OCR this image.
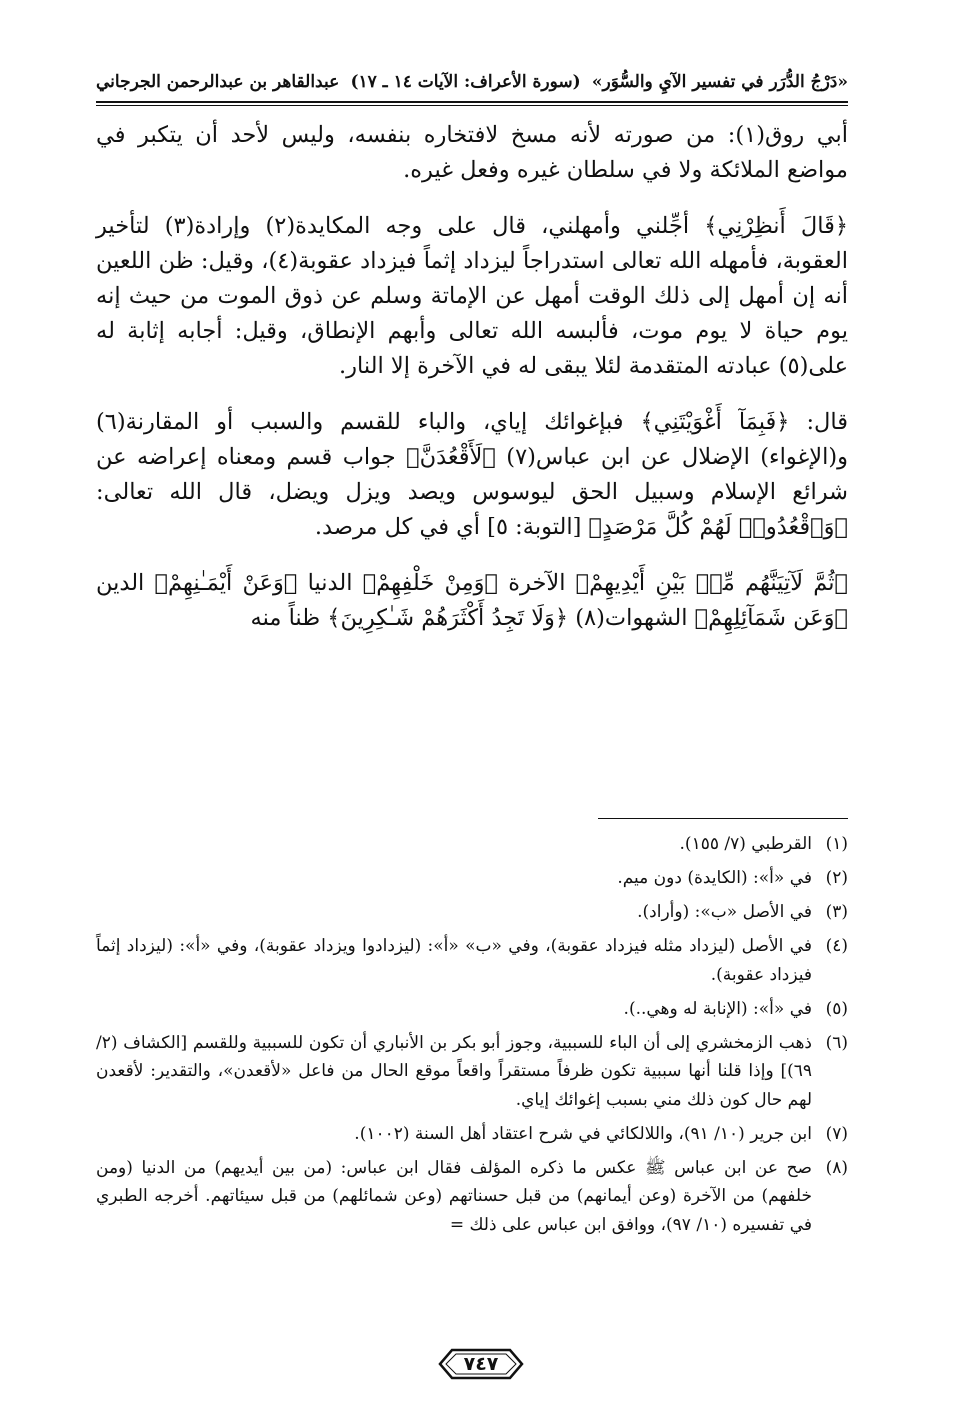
«دَرْجُ الدُّرَر في تفسير الآيِ والسُّوَر»
(سورة الأعراف: الآيات ١٤ ـ ١٧)
عبدالقاهر بن عبدالرحمن الجرجاني

أبي روق(١): من صورته لأنه مسخ لافتخاره بنفسه، وليس لأحد أن يتكبر في مواضع الملائكة ولا في سلطان غيره وفعل غيره.

﴿قَالَ أَنظِرْنِي﴾ أجِّلني وأمهلني، قال على وجه المكايدة(٢) وإرادة(٣) لتأخير العقوبة، فأمهله الله تعالى استدراجاً ليزداد إثماً فيزداد عقوبة(٤)، وقيل: ظن اللعين أنه إن أمهل إلى ذلك الوقت أمهل عن الإماتة وسلم عن ذوق الموت من حيث إنه يوم حياة لا يوم موت، فألبسه الله تعالى وأبهم الإنطاق، وقيل: أجابه إثابة له على(٥) عبادته المتقدمة لئلا يبقى له في الآخرة إلا النار.

قال: ﴿فَبِمَآ أَغْوَيْتَنِي﴾ فبإغوائك إياي، والباء للقسم والسبب أو المقارنة(٦) و(الإغواء) الإضلال عن ابن عباس(٧) ﴿لَأَقْعُدَنَّ﴾ جواب قسم ومعناه إعراضه عن شرائع الإسلام وسبيل الحق ليوسوس ويصد ويزل ويضل، قال الله تعالى: ﴿وَٱقْعُدُوا۟ لَهُمْ كُلَّ مَرْصَدٍ﴾ [التوبة: ٥] أي في كل مرصد.

﴿ثُمَّ لَآتِيَنَّهُم مِّنۢ بَيْنِ أَيْدِيهِمْ﴾ الآخرة ﴿وَمِنْ خَلْفِهِمْ﴾ الدنيا ﴿وَعَنْ أَيْمَـٰنِهِمْ﴾ الدين ﴿وَعَن شَمَآئِلِهِمْ﴾ الشهوات(٨) ﴿وَلَا تَجِدُ أَكْثَرَهُمْ شَـٰكِرِينَ﴾ ظناً منه

(١)
القرطبي (٧/ ١٥٥).
(٢)
في «أ»: (الكايدة) دون ميم.
(٣)
في الأصل «ب»: (وأراد).
(٤)
في الأصل (ليزداد مثله فيزداد عقوبة)، وفي «ب» «أ»: (ليزدادوا ويزداد عقوبة)، وفي «أ»: (ليزداد إثماً فيزداد عقوبة).
(٥)
في «أ»: (الإنابة له وهي..).
(٦)
ذهب الزمخشري إلى أن الباء للسببية، وجوز أبو بكر بن الأنباري أن تكون للسببية وللقسم [الكشاف (٢/ ٦٩)] وإذا قلنا أنها سببية تكون ظرفاً مستقراً واقعاً موقع الحال من فاعل «لأقعدن»، والتقدير: لأقعدن لهم حال كون ذلك مني بسبب إغوائك إياي.
(٧)
ابن جرير (١٠/ ٩١)، واللالكائي في شرح اعتقاد أهل السنة (١٠٠٢).
(٨)
صح عن ابن عباس ﷺ عكس ما ذكره المؤلف فقال ابن عباس: (من بين أيديهم) من الدنيا (ومن خلفهم) من الآخرة (وعن أيمانهم) من قبل حسناتهم (وعن شمائلهم) من قبل سيئاتهم. أخرجه الطبري في تفسيره (١٠/ ٩٧)، ووافق ابن عباس على ذلك =
٧٤٧
